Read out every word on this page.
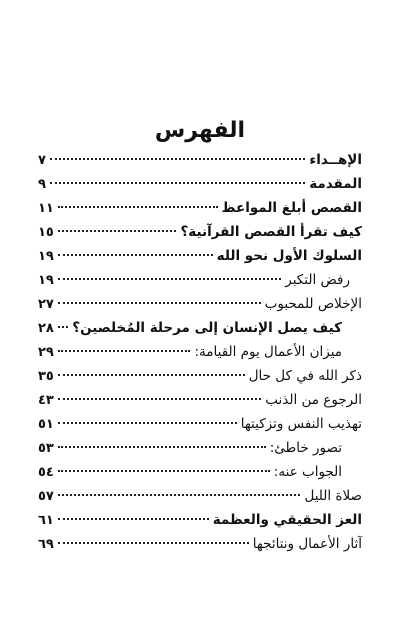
الفهرس
الإهــداء
٧
المقدمة
٩
القصص أبلغ المواعظ
١١
كيف تقرأ القصص القرآنية؟
١٥
السلوك الأول نحو الله
١٩
رفض التكبر
١٩
الإخلاص للمحبوب
٢٧
كيف يصل الإنسان إلى مرحلة المُخلصين؟
٢٨
ميزان الأعمال يوم القيامة:
٢٩
ذكر الله في كل حال
٣٥
الرجوع من الذنب
٤٣
تهذيب النفس وتزكيتها
٥١
تصور خاطئ:
٥٣
الجواب عنه:
٥٤
صلاة الليل
٥٧
العز الحقيقي والعظمة
٦١
آثار الأعمال ونتائجها
٦٩
